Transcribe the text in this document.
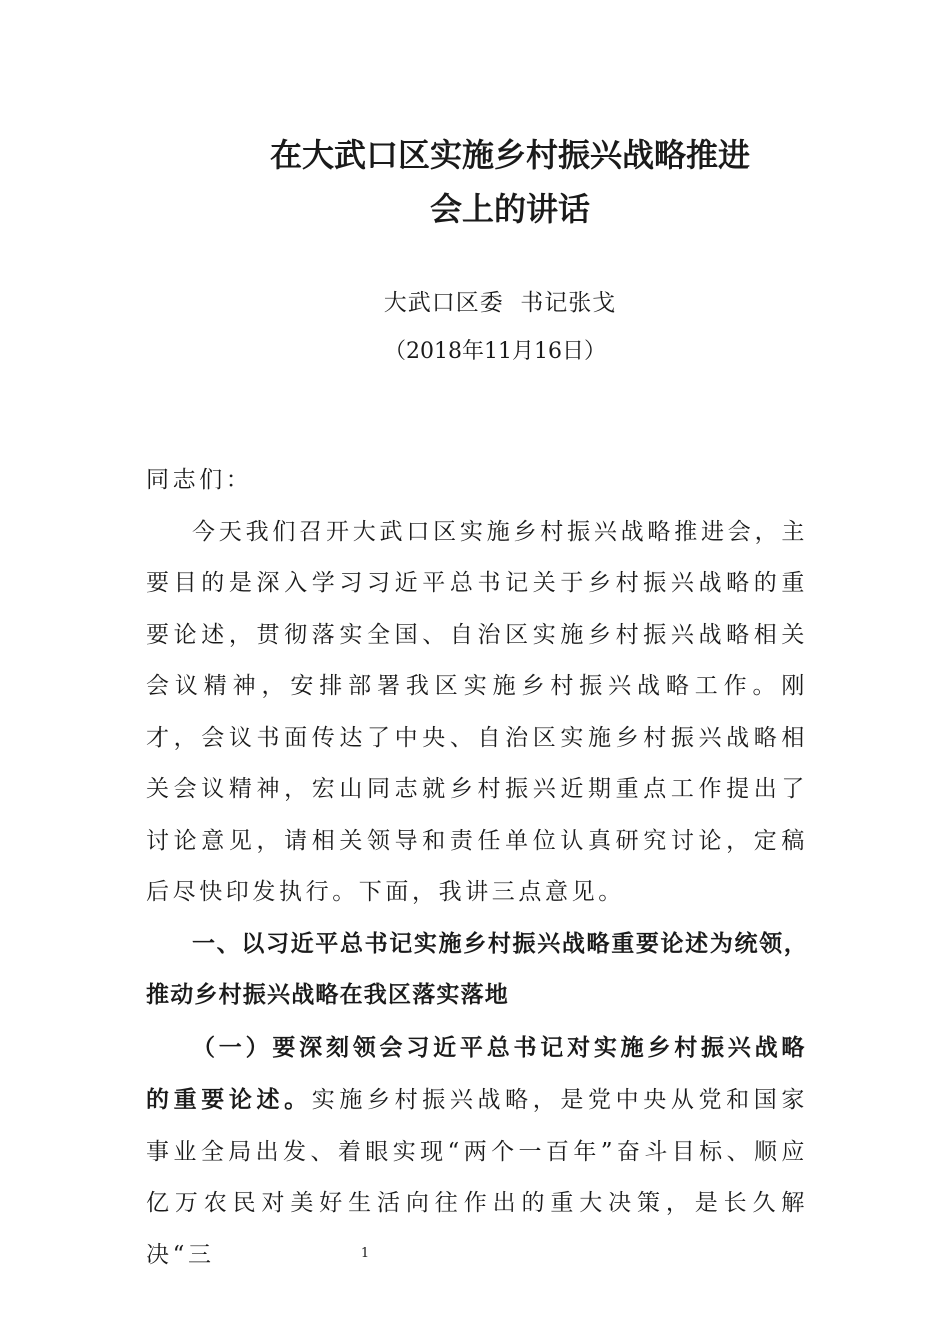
在大武口区实施乡村振兴战略推进
会上的讲话
大武口区委  书记张戈
（2018年11月16日）

同志们：

今天我们召开大武口区实施乡村振兴战略推进会，主要目的是深入学习习近平总书记关于乡村振兴战略的重要论述，贯彻落实全国、自治区实施乡村振兴战略相关会议精神，安排部署我区实施乡村振兴战略工作。刚才，会议书面传达了中央、自治区实施乡村振兴战略相关会议精神，宏山同志就乡村振兴近期重点工作提出了讨论意见，请相关领导和责任单位认真研究讨论，定稿后尽快印发执行。下面，我讲三点意见。

一、以习近平总书记实施乡村振兴战略重要论述为统领，推动乡村振兴战略在我区落实落地

（一）要深刻领会习近平总书记对实施乡村振兴战略的重要论述。实施乡村振兴战略，是党中央从党和国家事业全局出发、着眼实现“两个一百年”奋斗目标、顺应亿万农民对美好生活向往作出的重大决策，是长久解决“三	1
